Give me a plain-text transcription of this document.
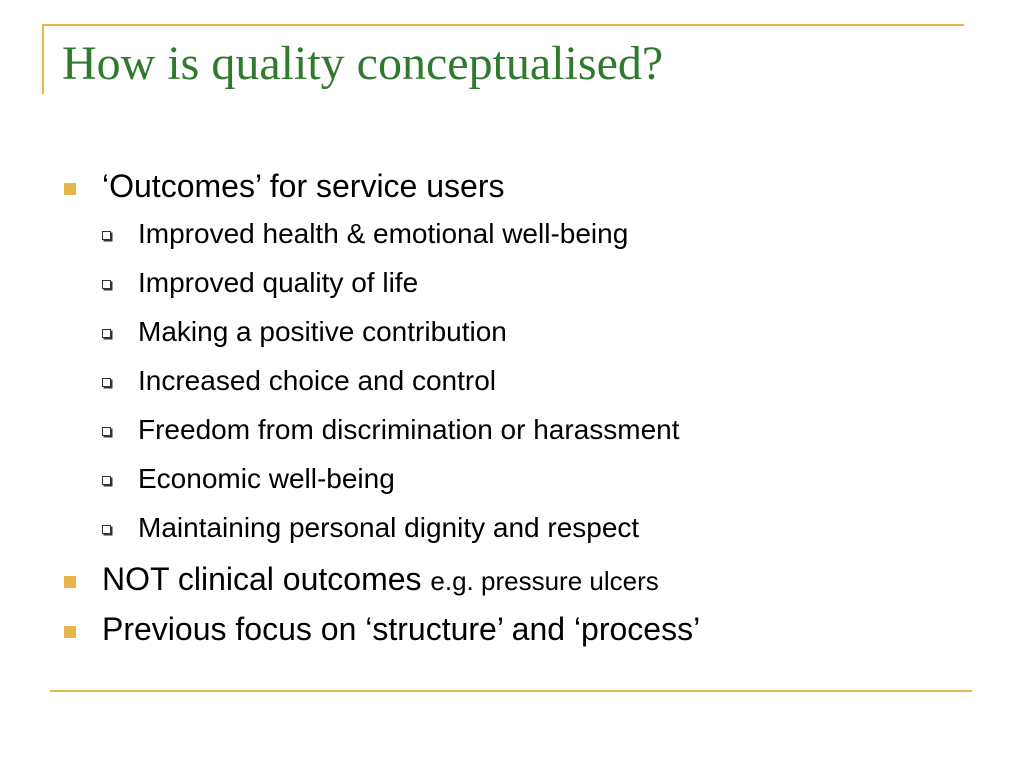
How is quality conceptualised?
‘Outcomes’ for service users
Improved health & emotional well-being
Improved quality of life
Making a positive contribution
Increased choice and control
Freedom from discrimination or harassment
Economic well-being
Maintaining personal dignity and respect
NOT clinical outcomes e.g. pressure ulcers
Previous focus on ‘structure’ and ‘process’
